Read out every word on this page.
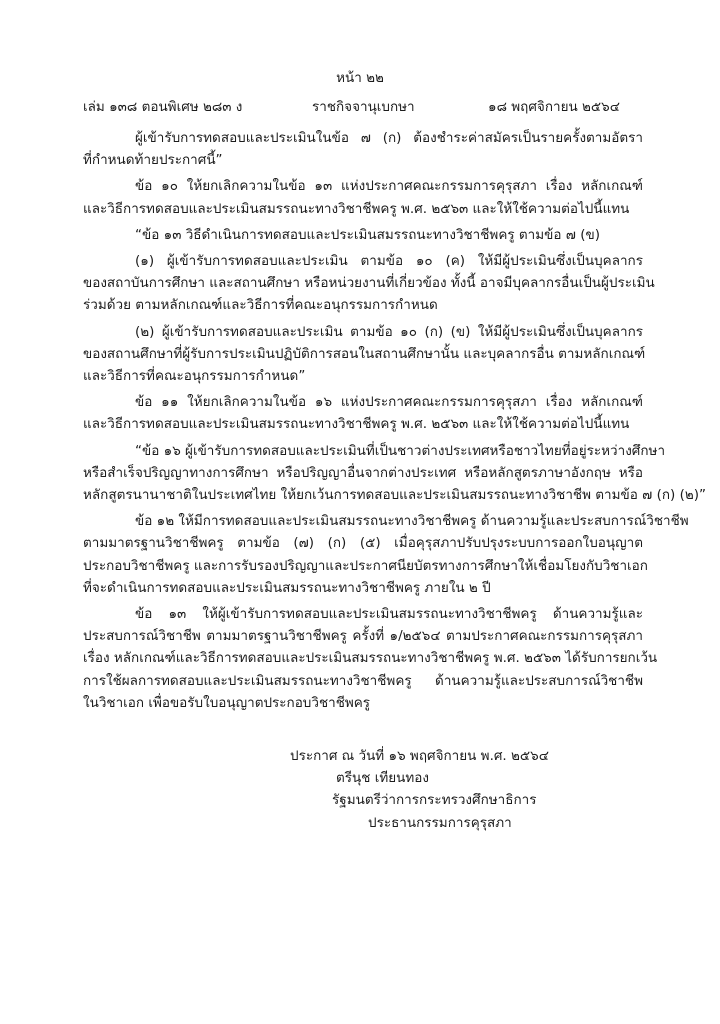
หน้า ๒๒
เล่ม ๑๓๘ ตอนพิเศษ ๒๘๓ ง	ราชกิจจานุเบกษา	๑๘ พฤศจิกายน ๒๕๖๔
ผู้เข้ารับการทดสอบและประเมินในข้อ ๗ (ก) ต้องชำระค่าสมัครเป็นรายครั้งตามอัตรา
ที่กำหนดท้ายประกาศนี้”
ข้อ ๑๐ ให้ยกเลิกความในข้อ ๑๓ แห่งประกาศคณะกรรมการคุรุสภา เรื่อง หลักเกณฑ์
และวิธีการทดสอบและประเมินสมรรถนะทางวิชาชีพครู พ.ศ. ๒๕๖๓ และให้ใช้ความต่อไปนี้แทน
“ข้อ ๑๓ วิธีดำเนินการทดสอบและประเมินสมรรถนะทางวิชาชีพครู ตามข้อ ๗ (ข)
(๑) ผู้เข้ารับการทดสอบและประเมิน ตามข้อ ๑๐ (ค) ให้มีผู้ประเมินซึ่งเป็นบุคลากร
ของสถาบันการศึกษา และสถานศึกษา หรือหน่วยงานที่เกี่ยวข้อง ทั้งนี้ อาจมีบุคลากรอื่นเป็นผู้ประเมิน
ร่วมด้วย ตามหลักเกณฑ์และวิธีการที่คณะอนุกรรมการกำหนด
(๒) ผู้เข้ารับการทดสอบและประเมิน ตามข้อ ๑๐ (ก) (ข) ให้มีผู้ประเมินซึ่งเป็นบุคลากร
ของสถานศึกษาที่ผู้รับการประเมินปฏิบัติการสอนในสถานศึกษานั้น และบุคลากรอื่น ตามหลักเกณฑ์
และวิธีการที่คณะอนุกรรมการกำหนด”
ข้อ ๑๑ ให้ยกเลิกความในข้อ ๑๖ แห่งประกาศคณะกรรมการคุรุสภา เรื่อง หลักเกณฑ์
และวิธีการทดสอบและประเมินสมรรถนะทางวิชาชีพครู พ.ศ. ๒๕๖๓ และให้ใช้ความต่อไปนี้แทน
“ข้อ ๑๖ ผู้เข้ารับการทดสอบและประเมินที่เป็นชาวต่างประเทศหรือชาวไทยที่อยู่ระหว่างศึกษา
หรือสำเร็จปริญญาทางการศึกษา หรือปริญญาอื่นจากต่างประเทศ หรือหลักสูตรภาษาอังกฤษ หรือ
หลักสูตรนานาชาติในประเทศไทย ให้ยกเว้นการทดสอบและประเมินสมรรถนะทางวิชาชีพ ตามข้อ ๗ (ก) (๒)”
ข้อ ๑๒ ให้มีการทดสอบและประเมินสมรรถนะทางวิชาชีพครู ด้านความรู้และประสบการณ์วิชาชีพ
ตามมาตรฐานวิชาชีพครู ตามข้อ (๗) (ก) (๕) เมื่อคุรุสภาปรับปรุงระบบการออกใบอนุญาต
ประกอบวิชาชีพครู และการรับรองปริญญาและประกาศนียบัตรทางการศึกษาให้เชื่อมโยงกับวิชาเอก
ที่จะดำเนินการทดสอบและประเมินสมรรถนะทางวิชาชีพครู ภายใน ๒ ปี
ข้อ ๑๓ ให้ผู้เข้ารับการทดสอบและประเมินสมรรถนะทางวิชาชีพครู ด้านความรู้และ
ประสบการณ์วิชาชีพ ตามมาตรฐานวิชาชีพครู ครั้งที่ ๑/๒๕๖๔ ตามประกาศคณะกรรมการคุรุสภา
เรื่อง หลักเกณฑ์และวิธีการทดสอบและประเมินสมรรถนะทางวิชาชีพครู พ.ศ. ๒๕๖๓ ได้รับการยกเว้น
การใช้ผลการทดสอบและประเมินสมรรถนะทางวิชาชีพครู ด้านความรู้และประสบการณ์วิชาชีพ
ในวิชาเอก เพื่อขอรับใบอนุญาตประกอบวิชาชีพครู
ประกาศ ณ วันที่ ๑๖ พฤศจิกายน พ.ศ. ๒๕๖๔
ตรีนุช เทียนทอง
รัฐมนตรีว่าการกระทรวงศึกษาธิการ
ประธานกรรมการคุรุสภา
